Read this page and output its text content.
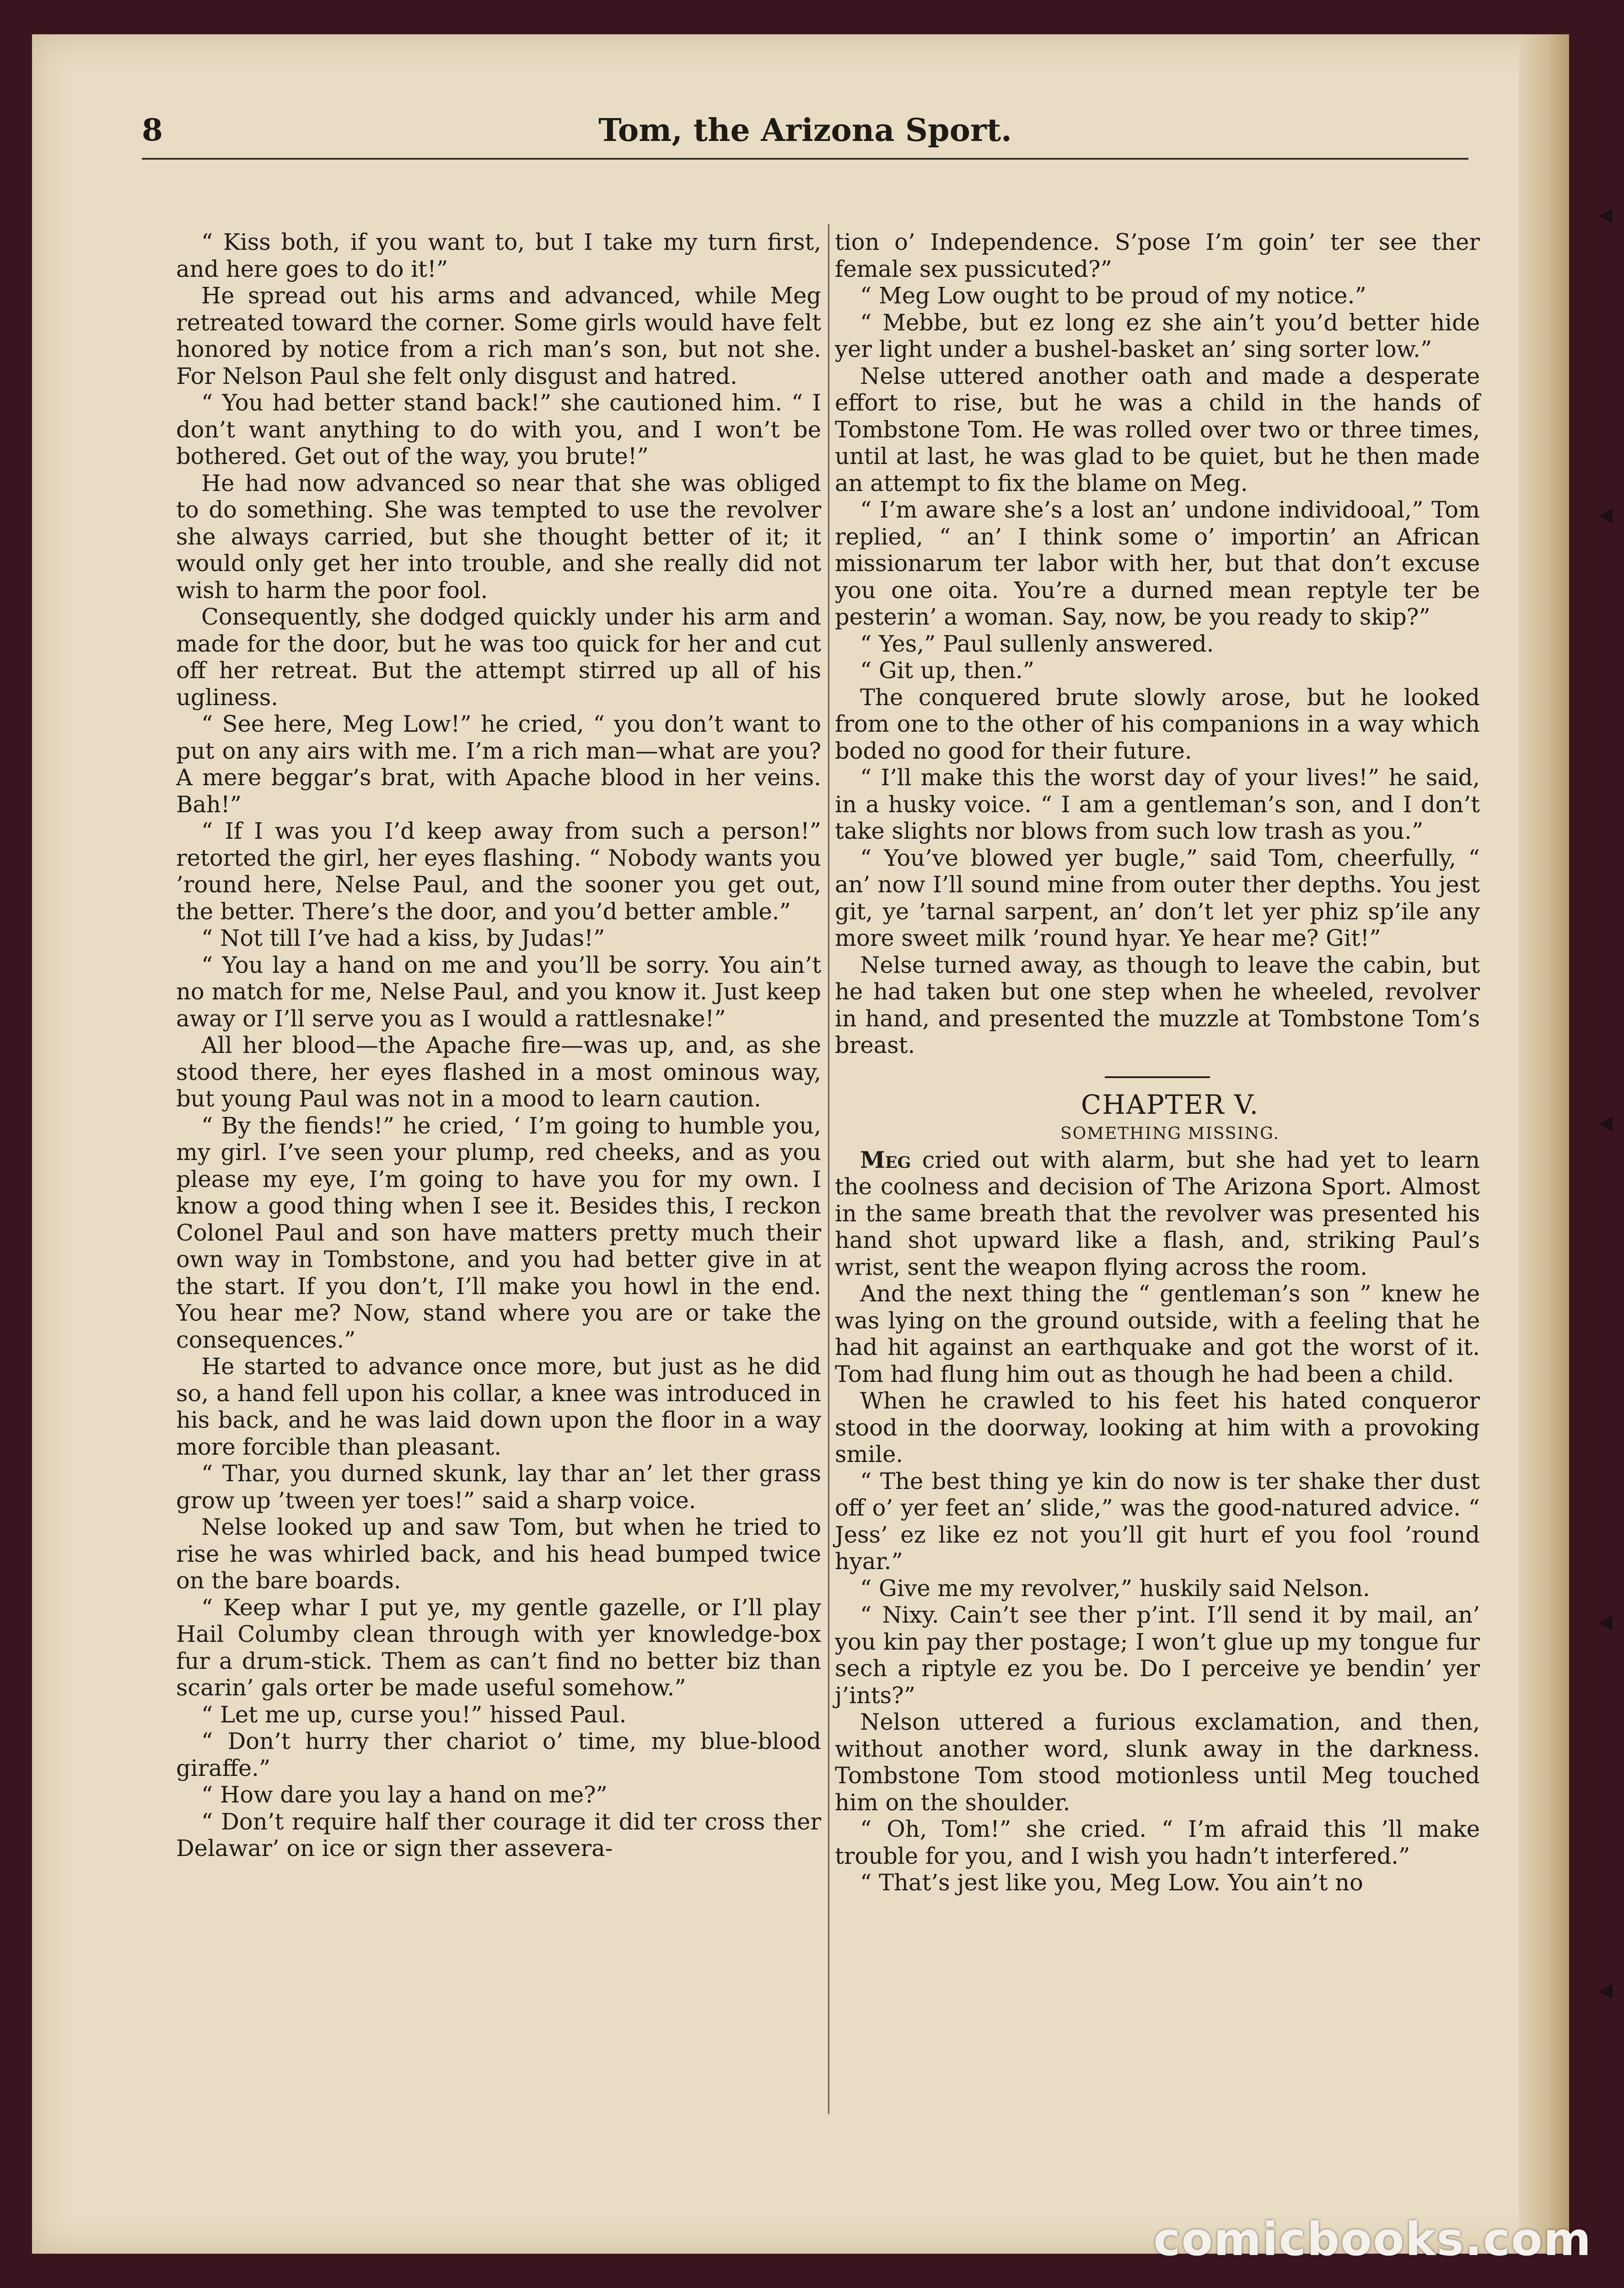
8	Tom, the Arizona Sport.

“ Kiss both, if you want to, but I take my turn first, and here goes to do it!”

He spread out his arms and advanced, while Meg retreated toward the corner. Some girls would have felt honored by notice from a rich man’s son, but not she. For Nelson Paul she felt only disgust and hatred.

“ You had better stand back!” she cautioned him. “ I don’t want anything to do with you, and I won’t be bothered. Get out of the way, you brute!”

He had now advanced so near that she was obliged to do something. She was tempted to use the revolver she always carried, but she thought better of it; it would only get her into trouble, and she really did not wish to harm the poor fool.

Consequently, she dodged quickly under his arm and made for the door, but he was too quick for her and cut off her retreat. But the attempt stirred up all of his ugliness.

“ See here, Meg Low!” he cried, “ you don’t want to put on any airs with me. I’m a rich man—what are you? A mere beggar’s brat, with Apache blood in her veins. Bah!”

“ If I was you I’d keep away from such a person!” retorted the girl, her eyes flashing. “ Nobody wants you ’round here, Nelse Paul, and the sooner you get out, the better. There’s the door, and you’d better amble.”

“ Not till I’ve had a kiss, by Judas!”

“ You lay a hand on me and you’ll be sorry. You ain’t no match for me, Nelse Paul, and you know it. Just keep away or I’ll serve you as I would a rattlesnake!”

All her blood—the Apache fire—was up, and, as she stood there, her eyes flashed in a most ominous way, but young Paul was not in a mood to learn caution.

“ By the fiends!” he cried, ‘ I’m going to humble you, my girl. I’ve seen your plump, red cheeks, and as you please my eye, I’m going to have you for my own. I know a good thing when I see it. Besides this, I reckon Colonel Paul and son have matters pretty much their own way in Tombstone, and you had better give in at the start. If you don’t, I’ll make you howl in the end. You hear me? Now, stand where you are or take the consequences.”

He started to advance once more, but just as he did so, a hand fell upon his collar, a knee was introduced in his back, and he was laid down upon the floor in a way more forcible than pleasant.

“ Thar, you durned skunk, lay thar an’ let ther grass grow up ’tween yer toes!” said a sharp voice.

Nelse looked up and saw Tom, but when he tried to rise he was whirled back, and his head bumped twice on the bare boards.

“ Keep whar I put ye, my gentle gazelle, or I’ll play Hail Columby clean through with yer knowledge-box fur a drum-stick. Them as can’t find no better biz than scarin’ gals orter be made useful somehow.”

“ Let me up, curse you!” hissed Paul.

“ Don’t hurry ther chariot o’ time, my blue-blood giraffe.”

“ How dare you lay a hand on me?”

“ Don’t require half ther courage it did ter cross ther Delawar’ on ice or sign ther assevera-

tion o’ Independence. S’pose I’m goin’ ter see ther female sex pussicuted?”

“ Meg Low ought to be proud of my notice.”

“ Mebbe, but ez long ez she ain’t you’d better hide yer light under a bushel-basket an’ sing sorter low.”

Nelse uttered another oath and made a desperate effort to rise, but he was a child in the hands of Tombstone Tom. He was rolled over two or three times, until at last, he was glad to be quiet, but he then made an attempt to fix the blame on Meg.

“ I’m aware she’s a lost an’ undone individooal,” Tom replied, “ an’ I think some o’ importin’ an African missionarum ter labor with her, but that don’t excuse you one oita. You’re a durned mean reptyle ter be pesterin’ a woman. Say, now, be you ready to skip?”

“ Yes,” Paul sullenly answered.

“ Git up, then.”

The conquered brute slowly arose, but he looked from one to the other of his companions in a way which boded no good for their future.

“ I’ll make this the worst day of your lives!” he said, in a husky voice. “ I am a gentleman’s son, and I don’t take slights nor blows from such low trash as you.”

“ You’ve blowed yer bugle,” said Tom, cheerfully, “ an’ now I’ll sound mine from outer ther depths. You jest git, ye ’tarnal sarpent, an’ don’t let yer phiz sp’ile any more sweet milk ’round hyar. Ye hear me? Git!”

Nelse turned away, as though to leave the cabin, but he had taken but one step when he wheeled, revolver in hand, and presented the muzzle at Tombstone Tom’s breast.

CHAPTER V.

SOMETHING MISSING.

Meg cried out with alarm, but she had yet to learn the coolness and decision of The Arizona Sport. Almost in the same breath that the revolver was presented his hand shot upward like a flash, and, striking Paul’s wrist, sent the weapon flying across the room.

And the next thing the “ gentleman’s son ” knew he was lying on the ground outside, with a feeling that he had hit against an earthquake and got the worst of it. Tom had flung him out as though he had been a child.

When he crawled to his feet his hated conqueror stood in the doorway, looking at him with a provoking smile.

“ The best thing ye kin do now is ter shake ther dust off o’ yer feet an’ slide,” was the good-natured advice. “ Jess’ ez like ez not you’ll git hurt ef you fool ’round hyar.”

“ Give me my revolver,” huskily said Nelson.

“ Nixy. Cain’t see ther p’int. I’ll send it by mail, an’ you kin pay ther postage; I won’t glue up my tongue fur sech a riptyle ez you be. Do I perceive ye bendin’ yer j’ints?”

Nelson uttered a furious exclamation, and then, without another word, slunk away in the darkness. Tombstone Tom stood motionless until Meg touched him on the shoulder.

“ Oh, Tom!” she cried. “ I’m afraid this ’ll make trouble for you, and I wish you hadn’t interfered.”

“ That’s jest like you, Meg Low. You ain’t no

comicbooks.com
